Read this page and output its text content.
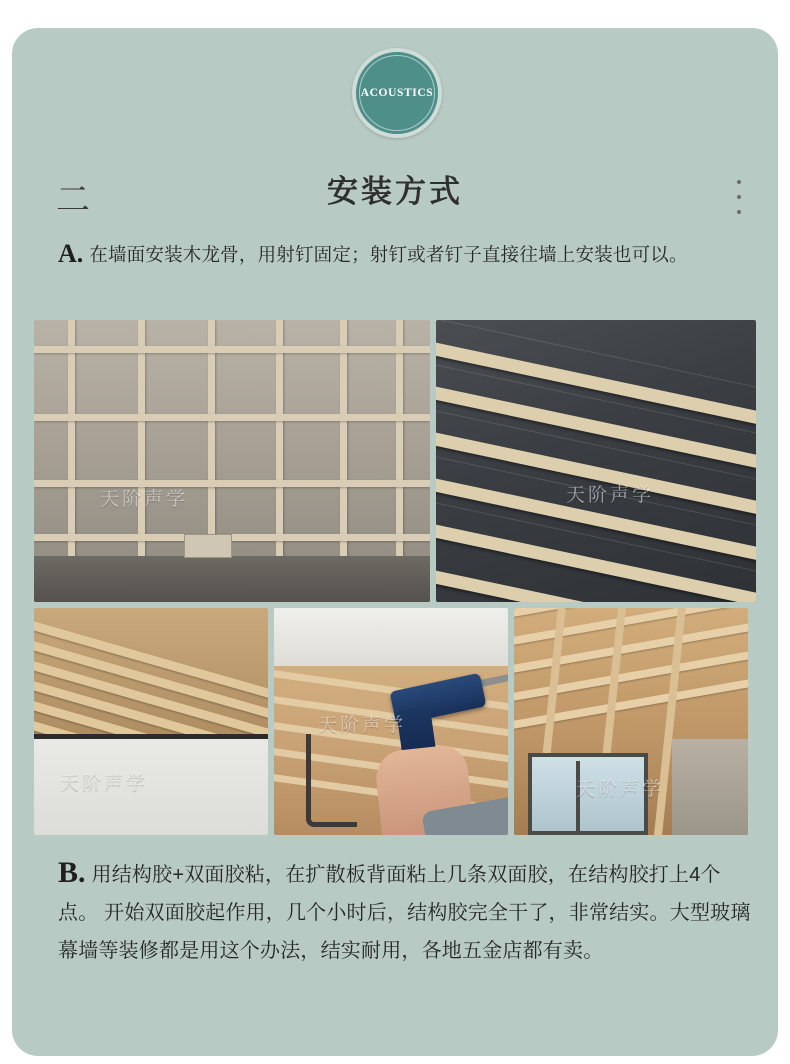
二	安装方式
A. 在墙面安装木龙骨，用射钉固定；射钉或者钉子直接往墙上安装也可以。
天阶声学	天阶声学
天阶声学
天阶声学
天阶声学
B. 用结构胶+双面胶粘，在扩散板背面粘上几条双面胶，在结构胶打上4个点。 开始双面胶起作用，几个小时后，结构胶完全干了，非常结实。大型玻璃幕墙等装修都是用这个办法，结实耐用，各地五金店都有卖。
ACOUSTICS
